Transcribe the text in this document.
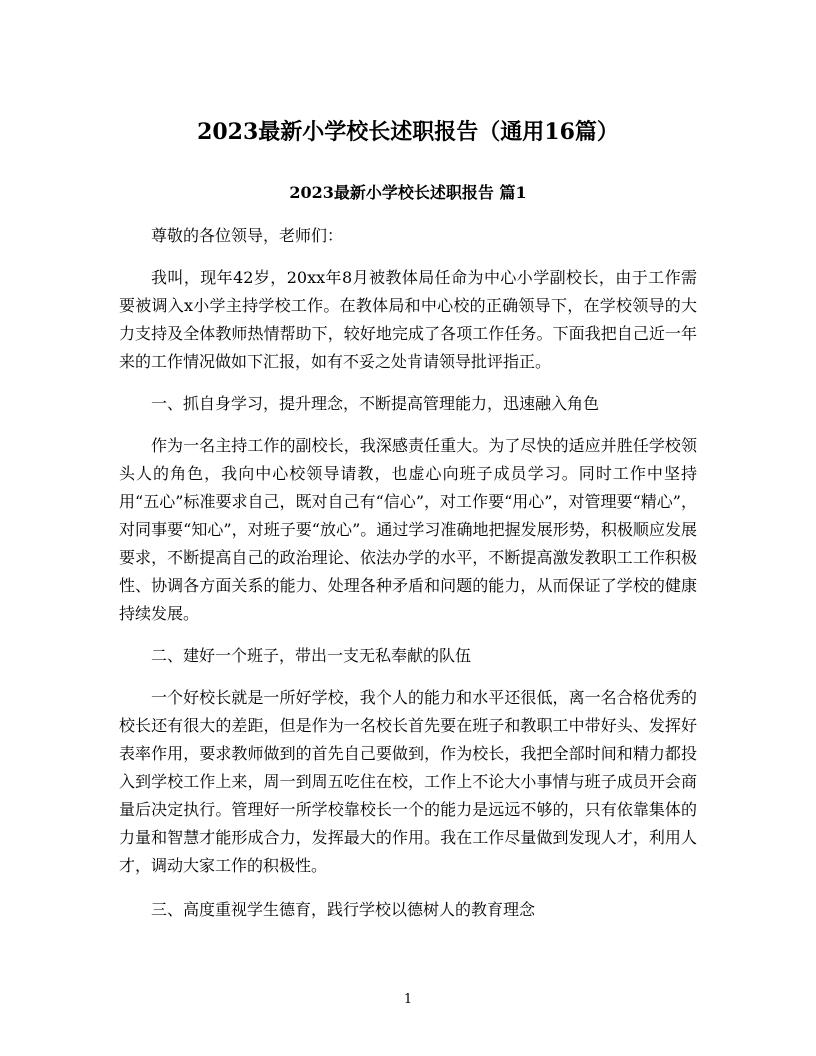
2023最新小学校长述职报告（通用16篇）
2023最新小学校长述职报告 篇1

尊敬的各位领导，老师们：

我叫，现年42岁，20xx年8月被教体局任命为中心小学副校长，由于工作需要被调入x小学主持学校工作。在教体局和中心校的正确领导下，在学校领导的大力支持及全体教师热情帮助下，较好地完成了各项工作任务。下面我把自己近一年来的工作情况做如下汇报，如有不妥之处肯请领导批评指正。

一、抓自身学习，提升理念，不断提高管理能力，迅速融入角色

作为一名主持工作的副校长，我深感责任重大。为了尽快的适应并胜任学校领头人的角色，我向中心校领导请教，也虚心向班子成员学习。同时工作中坚持用“五心”标准要求自己，既对自己有“信心”，对工作要“用心”，对管理要“精心”，对同事要“知心”，对班子要“放心”。通过学习准确地把握发展形势，积极顺应发展要求，不断提高自己的政治理论、依法办学的水平，不断提高激发教职工工作积极性、协调各方面关系的能力、处理各种矛盾和问题的能力，从而保证了学校的健康持续发展。

二、建好一个班子，带出一支无私奉献的队伍

一个好校长就是一所好学校，我个人的能力和水平还很低，离一名合格优秀的校长还有很大的差距，但是作为一名校长首先要在班子和教职工中带好头、发挥好表率作用，要求教师做到的首先自己要做到，作为校长，我把全部时间和精力都投入到学校工作上来，周一到周五吃住在校，工作上不论大小事情与班子成员开会商量后决定执行。管理好一所学校靠校长一个的能力是远远不够的，只有依靠集体的力量和智慧才能形成合力，发挥最大的作用。我在工作尽量做到发现人才，利用人才，调动大家工作的积极性。

三、高度重视学生德育，践行学校以德树人的教育理念

1
